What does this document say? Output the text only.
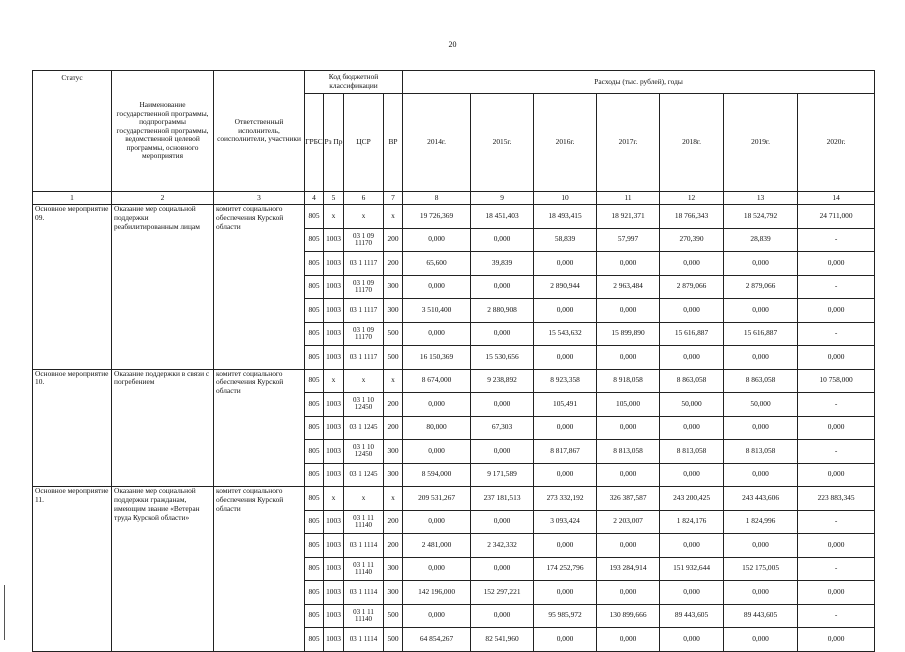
20
Статус	Наименование государственной программы, подпрограммы государственной программы, ведомственной целевой программы, основного мероприятия	Ответственный исполнитель, соисполнители, участники	Код бюджетной классификации				Расходы (тыс. рублей), годы						
			ГРБС	Рз Пр	ЦСР	ВР	2014г.	2015г.	2016г.	2017г.	2018г.	2019г.	2020г.
1	2	3	4	5	6	7	8	9	10	11	12	13	14
Основное мероприятие 09.	Оказание мер социальной поддержки реабилитированным лицам	комитет социального обеспечения Курской области	805	х	х	х	19 726,369	18 451,403	18 493,415	18 921,371	18 766,343	18 524,792	24 711,000
			805	1003	03 1 09 11170	200	0,000	0,000	58,839	57,997	270,390	28,839	-
			805	1003	03 1 1117	200	65,600	39,839	0,000	0,000	0,000	0,000	0,000
			805	1003	03 1 09 11170	300	0,000	0,000	2 890,944	2 963,484	2 879,066	2 879,066	-
			805	1003	03 1 1117	300	3 510,400	2 880,908	0,000	0,000	0,000	0,000	0,000
			805	1003	03 1 09 11170	500	0,000	0,000	15 543,632	15 899,890	15 616,887	15 616,887	-
			805	1003	03 1 1117	500	16 150,369	15 530,656	0,000	0,000	0,000	0,000	0,000
Основное мероприятие 10.	Оказание поддержки в связи с погребением	комитет социального обеспечения Курской области	805	х	х	х	8 674,000	9 238,892	8 923,358	8 918,058	8 863,058	8 863,058	10 758,000
			805	1003	03 1 10 12450	200	0,000	0,000	105,491	105,000	50,000	50,000	-
			805	1003	03 1 1245	200	80,000	67,303	0,000	0,000	0,000	0,000	0,000
			805	1003	03 1 10 12450	300	0,000	0,000	8 817,867	8 813,058	8 813,058	8 813,058	-
			805	1003	03 1 1245	300	8 594,000	9 171,589	0,000	0,000	0,000	0,000	0,000
Основное мероприятие 11.	Оказание мер социальной поддержки гражданам, имеющим звание «Ветеран труда Курской области»	комитет социального обеспечения Курской области	805	х	х	х	209 531,267	237 181,513	273 332,192	326 387,587	243 200,425	243 443,606	223 883,345
			805	1003	03 1 11 11140	200	0,000	0,000	3 093,424	2 203,007	1 824,176	1 824,996	-
			805	1003	03 1 1114	200	2 481,000	2 342,332	0,000	0,000	0,000	0,000	0,000
			805	1003	03 1 11 11140	300	0,000	0,000	174 252,796	193 284,914	151 932,644	152 175,005	-
			805	1003	03 1 1114	300	142 196,000	152 297,221	0,000	0,000	0,000	0,000	0,000
			805	1003	03 1 11 11140	500	0,000	0,000	95 985,972	130 899,666	89 443,605	89 443,605	-
			805	1003	03 1 1114	500	64 854,267	82 541,960	0,000	0,000	0,000	0,000	0,000
